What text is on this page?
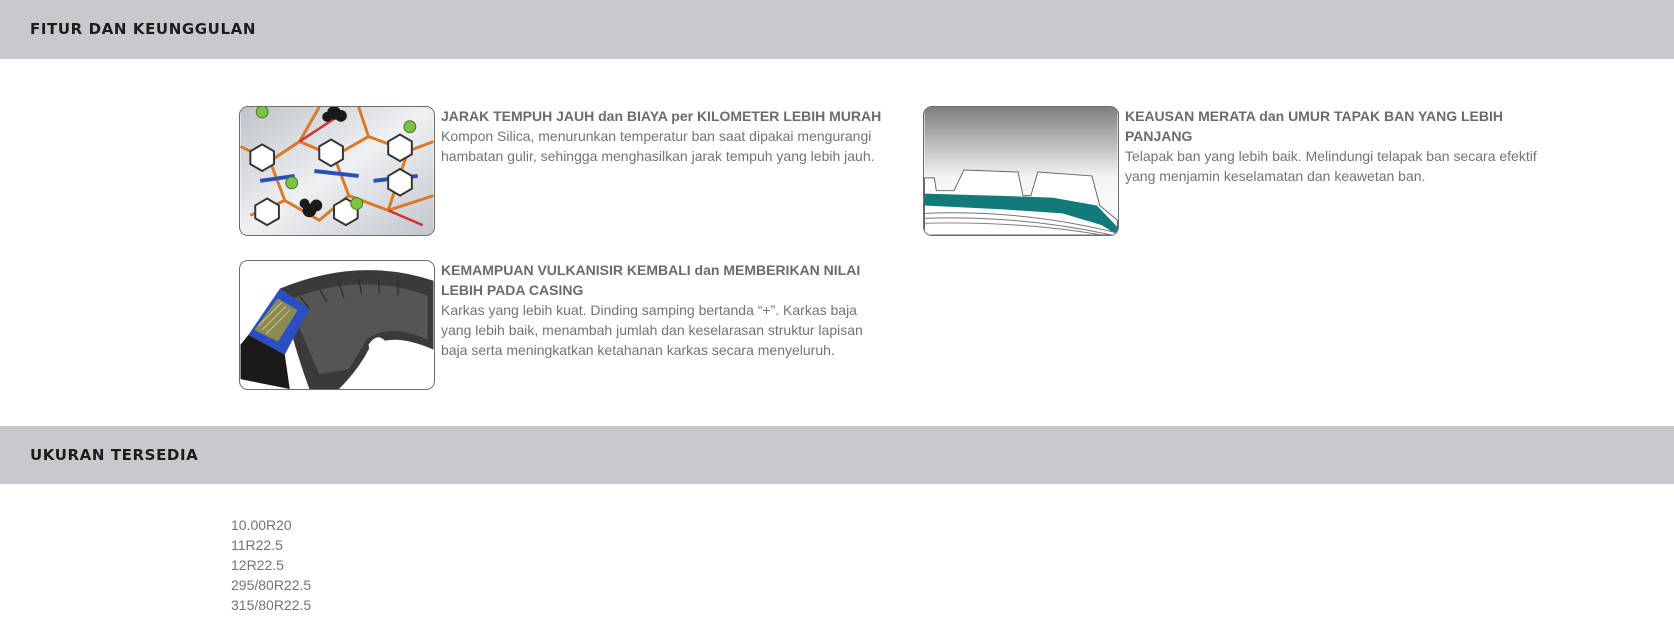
FITUR DAN KEUNGGULAN
JARAK TEMPUH JAUH dan BIAYA per KILOMETER LEBIH MURAH
Kompon Silica, menurunkan temperatur ban saat dipakai mengurangi hambatan gulir, sehingga menghasilkan jarak tempuh yang lebih jauh.
KEAUSAN MERATA dan UMUR TAPAK BAN YANG LEBIH PANJANG
Telapak ban yang lebih baik. Melindungi telapak ban secara efektif yang menjamin keselamatan dan keawetan ban.
KEMAMPUAN VULKANISIR KEMBALI dan MEMBERIKAN NILAI LEBIH PADA CASING
Karkas yang lebih kuat. Dinding samping bertanda “+”. Karkas baja yang lebih baik, menambah jumlah dan keselarasan struktur lapisan baja serta meningkatkan ketahanan karkas secara menyeluruh.
UKURAN TERSEDIA
10.00R20
11R22.5
12R22.5
295/80R22.5
315/80R22.5
